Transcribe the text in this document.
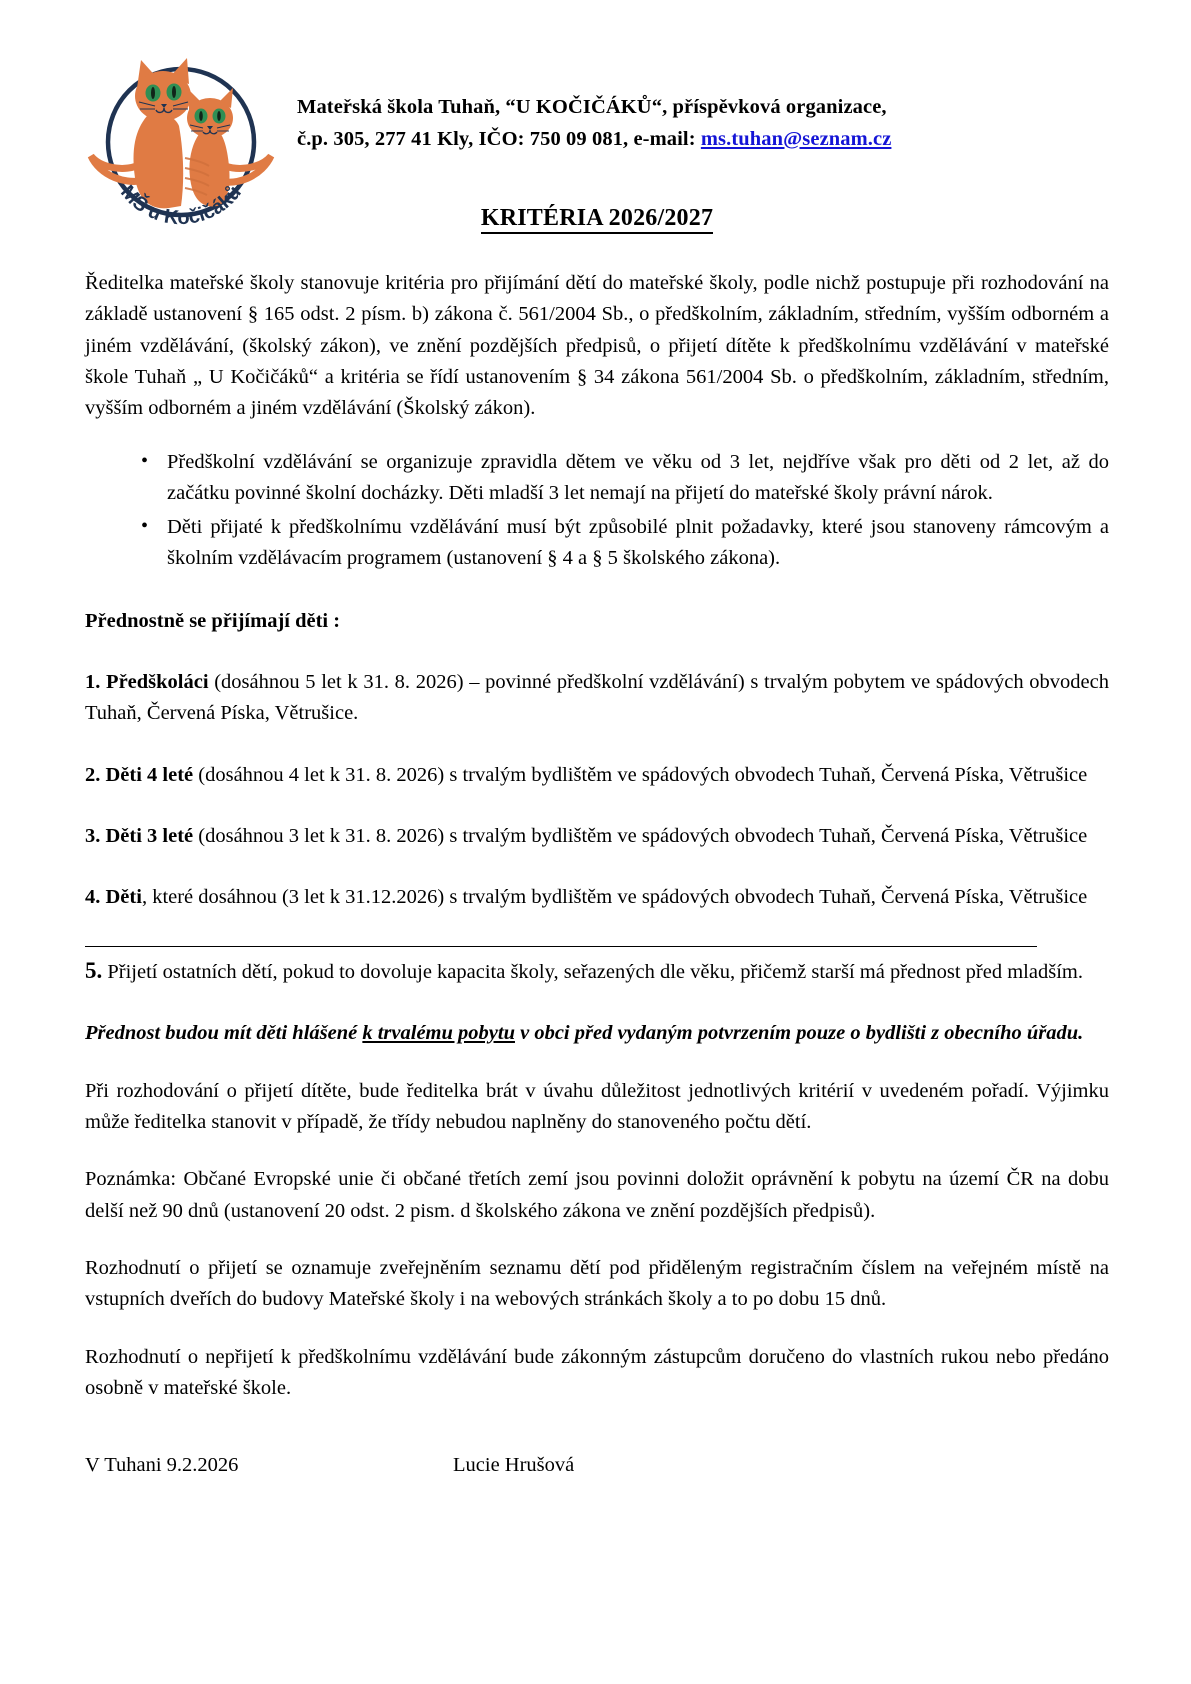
MŠ u Kočičáků
Mateřská škola Tuhaň, “U KOČIČÁKŮ“, příspěvková organizace,
č.p. 305, 277 41 Kly, IČO: 750 09 081, e-mail: ms.tuhan@seznam.cz
KRITÉRIA 2026/2027

Ředitelka mateřské školy stanovuje kritéria pro přijímání dětí do mateřské školy, podle nichž postupuje při rozhodování na základě ustanovení § 165 odst. 2 písm. b) zákona č. 561/2004 Sb., o předškolním, základním, středním, vyšším odborném a jiném vzdělávání, (školský zákon), ve znění pozdějších předpisů, o přijetí dítěte k předškolnímu vzdělávání v mateřské škole Tuhaň „ U Kočičáků“ a kritéria se řídí ustanovením § 34 zákona 561/2004 Sb. o předškolním, základním, středním, vyšším odborném a jiném vzdělávání (Školský zákon).

• Předškolní vzdělávání se organizuje zpravidla dětem ve věku od 3 let, nejdříve však pro děti od 2 let, až do začátku povinné školní docházky. Děti mladší 3 let nemají na přijetí do mateřské školy právní nárok.
• Děti přijaté k předškolnímu vzdělávání musí být způsobilé plnit požadavky, které jsou stanoveny rámcovým a školním vzdělávacím programem (ustanovení § 4 a § 5 školského zákona).

Přednostně se přijímají děti :

1. Předškoláci (dosáhnou 5 let k 31. 8. 2026) – povinné předškolní vzdělávání) s trvalým pobytem ve spádových obvodech Tuhaň, Červená Píska, Větrušice.

2. Děti 4 leté (dosáhnou 4 let k 31. 8. 2026) s trvalým bydlištěm ve spádových obvodech Tuhaň, Červená Píska, Větrušice

3. Děti 3 leté (dosáhnou 3 let k 31. 8. 2026) s trvalým bydlištěm ve spádových obvodech Tuhaň, Červená Píska, Větrušice

4. Děti, které dosáhnou (3 let k 31.12.2026) s trvalým bydlištěm ve spádových obvodech Tuhaň, Červená Píska, Větrušice

5. Přijetí ostatních dětí, pokud to dovoluje kapacita školy, seřazených dle věku, přičemž starší má přednost před mladším.

Přednost budou mít děti hlášené k trvalému pobytu v obci před vydaným potvrzením pouze o bydlišti z obecního úřadu.

Při rozhodování o přijetí dítěte, bude ředitelka brát v úvahu důležitost jednotlivých kritérií v uvedeném pořadí. Výjimku může ředitelka stanovit v případě, že třídy nebudou naplněny do stanoveného počtu dětí.

Poznámka: Občané Evropské unie či občané třetích zemí jsou povinni doložit oprávnění k pobytu na území ČR na dobu delší než 90 dnů (ustanovení 20 odst. 2 pism. d školského zákona ve znění pozdějších předpisů).

Rozhodnutí o přijetí se oznamuje zveřejněním seznamu dětí pod přiděleným registračním číslem na veřejném místě na vstupních dveřích do budovy Mateřské školy i na webových stránkách školy a to po dobu 15 dnů.

Rozhodnutí o nepřijetí k předškolnímu vzdělávání bude zákonným zástupcům doručeno do vlastních rukou nebo předáno osobně v mateřské škole.

V Tuhani 9.2.2026	Lucie Hrušová
